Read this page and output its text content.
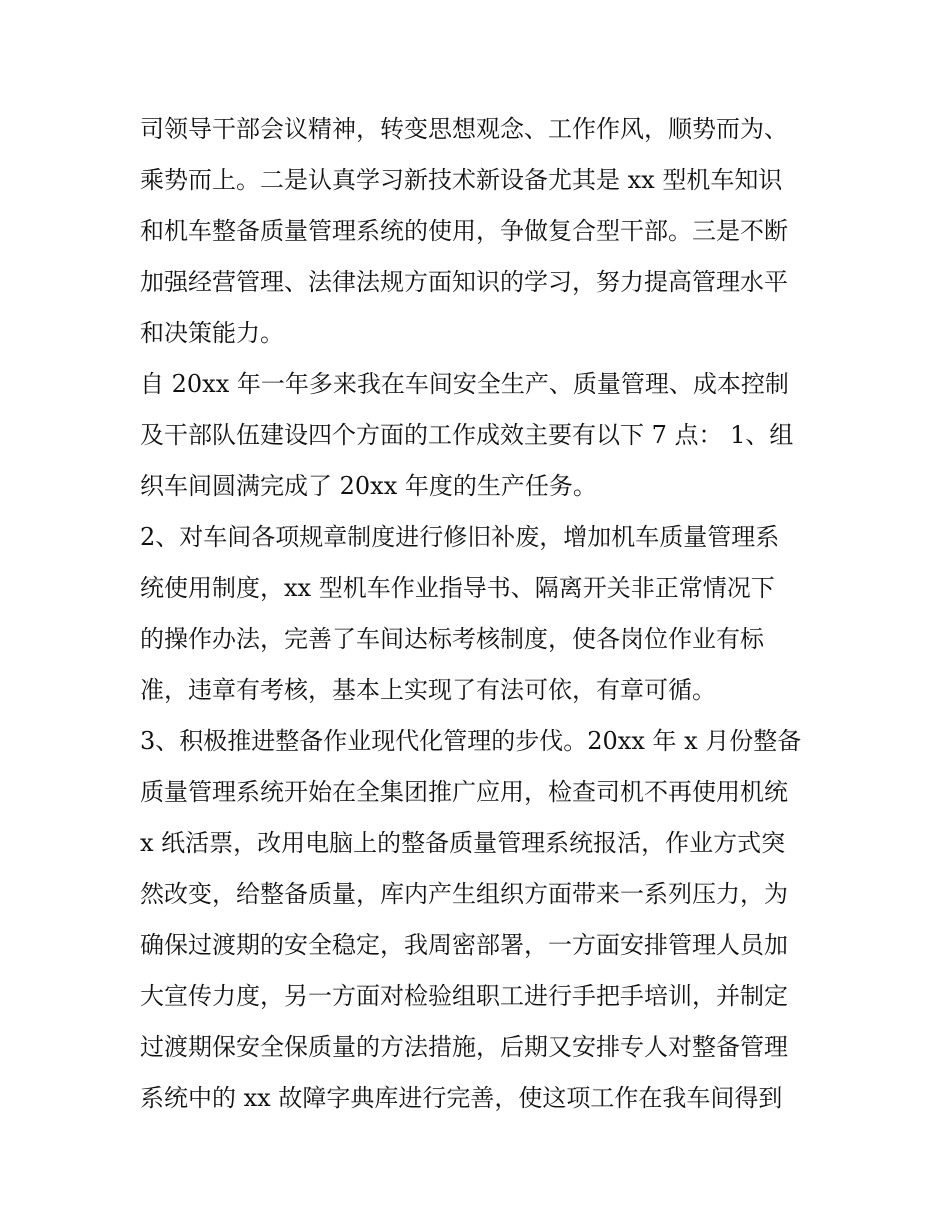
司领导干部会议精神，转变思想观念、工作作风，顺势而为、
乘势而上。二是认真学习新技术新设备尤其是 xx 型机车知识
和机车整备质量管理系统的使用，争做复合型干部。三是不断
加强经营管理、法律法规方面知识的学习，努力提高管理水平
和决策能力。
自 20xx 年一年多来我在车间安全生产、质量管理、成本控制
及干部队伍建设四个方面的工作成效主要有以下 7 点： 1、组
织车间圆满完成了 20xx 年度的生产任务。
2、对车间各项规章制度进行修旧补废，增加机车质量管理系
统使用制度，xx 型机车作业指导书、隔离开关非正常情况下
的操作办法，完善了车间达标考核制度，使各岗位作业有标
准，违章有考核，基本上实现了有法可依，有章可循。
3、积极推进整备作业现代化管理的步伐。20xx 年 x 月份整备
质量管理系统开始在全集团推广应用，检查司机不再使用机统
x 纸活票，改用电脑上的整备质量管理系统报活，作业方式突
然改变，给整备质量，库内产生组织方面带来一系列压力，为
确保过渡期的安全稳定，我周密部署，一方面安排管理人员加
大宣传力度，另一方面对检验组职工进行手把手培训，并制定
过渡期保安全保质量的方法措施，后期又安排专人对整备管理
系统中的 xx 故障字典库进行完善，使这项工作在我车间得到
